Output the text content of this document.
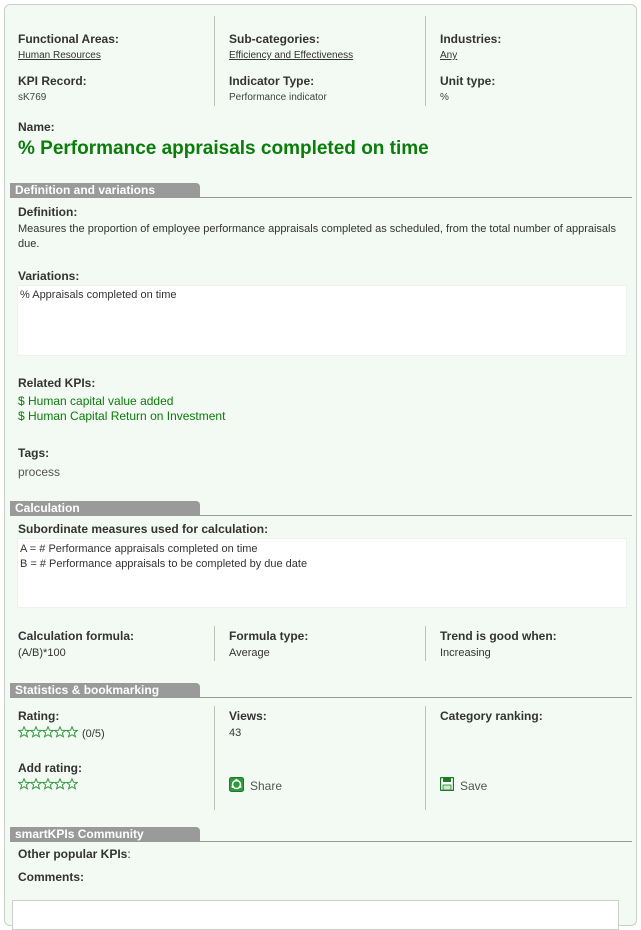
Functional Areas:
Human Resources
KPI Record:
sK769
Sub-categories:
Efficiency and Effectiveness
Indicator Type:
Performance indicator
Industries:
Any
Unit type:
%
Name:
% Performance appraisals completed on time
Definition and variations
Definition:
Measures the proportion of employee performance appraisals completed as scheduled, from the total number of appraisals due.
Variations:
% Appraisals completed on time
Related KPIs:
$ Human capital value added
$ Human Capital Return on Investment
Tags:
process
Calculation
Subordinate measures used for calculation:
A = # Performance appraisals completed on time
B = # Performance appraisals to be completed by due date
Calculation formula:
(A/B)*100
Formula type:
Average
Trend is good when:
Increasing
Statistics & bookmarking
Rating:
(0/5)
Add rating:
Views:
43
Share
Category ranking:
Save
smartKPIs Community
Other popular KPIs:
Comments:
